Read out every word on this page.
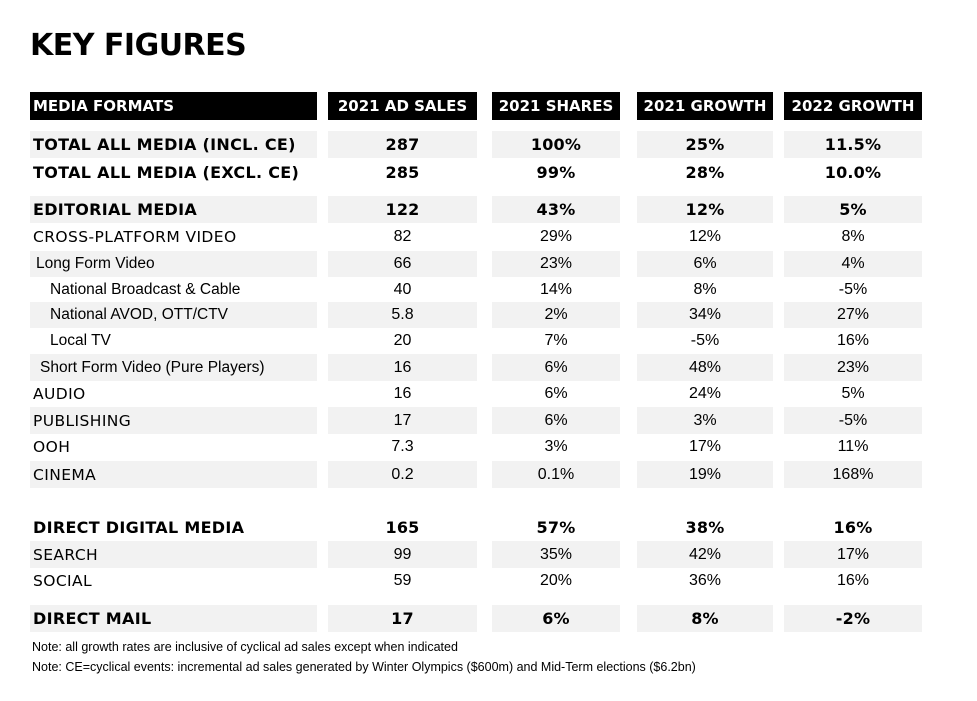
KEY FIGURES
MEDIA FORMATS	2021 AD SALES	2021 SHARES	2021 GROWTH	2022 GROWTH
TOTAL ALL MEDIA (INCL. CE)	287	100%	25%	11.5%
TOTAL ALL MEDIA (EXCL. CE)	285	99%	28%	10.0%
EDITORIAL MEDIA	122	43%	12%	5%
CROSS-PLATFORM VIDEO	82	29%	12%	8%
Long Form Video	66	23%	6%	4%
National Broadcast & Cable	40	14%	8%	-5%
National AVOD, OTT/CTV	5.8	2%	34%	27%
Local TV	20	7%	-5%	16%
Short Form Video (Pure Players)	16	6%	48%	23%
AUDIO	16	6%	24%	5%
PUBLISHING	17	6%	3%	-5%
OOH	7.3	3%	17%	11%
CINEMA	0.2	0.1%	19%	168%
DIRECT DIGITAL MEDIA	165	57%	38%	16%
SEARCH	99	35%	42%	17%
SOCIAL	59	20%	36%	16%
DIRECT MAIL	17	6%	8%	-2%
Note: all growth rates are inclusive of cyclical ad sales except when indicated
Note: CE=cyclical events: incremental ad sales generated by Winter Olympics ($600m) and Mid-Term elections ($6.2bn)
